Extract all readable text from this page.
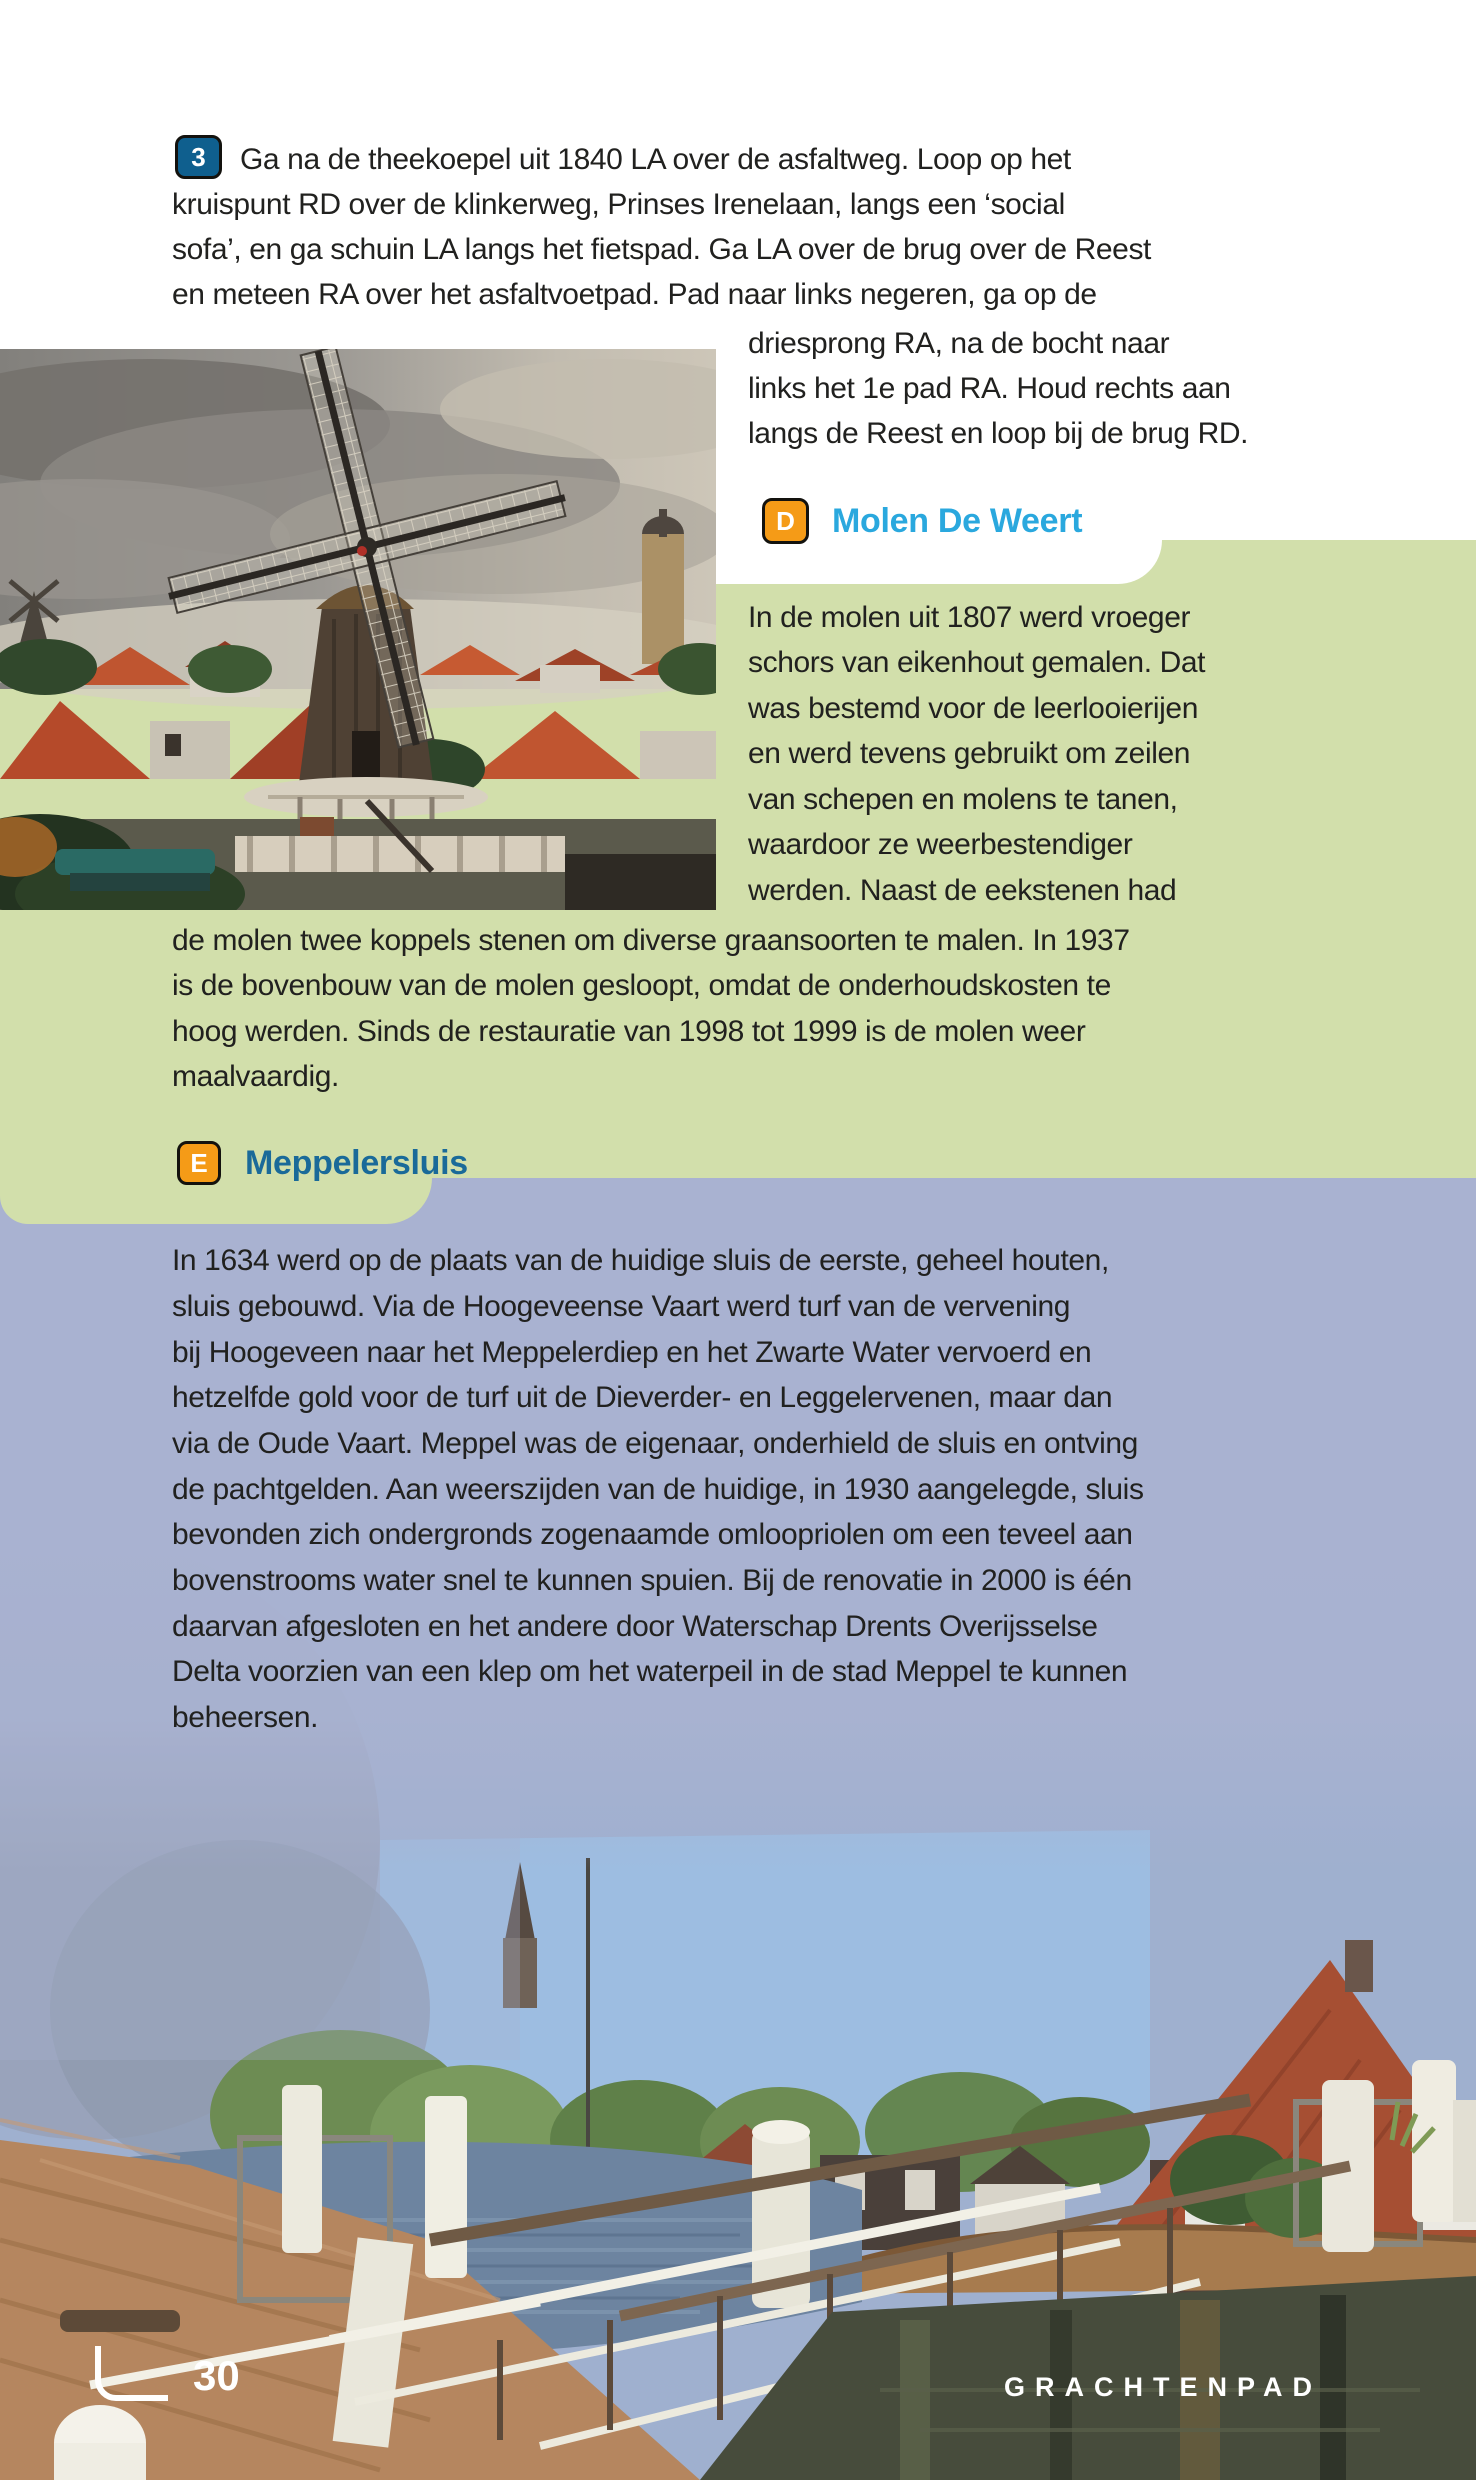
3 Ga na de theekoepel uit 1840 LA over de asfaltweg. Loop op het
kruispunt RD over de klinkerweg, Prinses Irenelaan, langs een ‘social
sofa’, en ga schuin LA langs het fietspad. Ga LA over de brug over de Reest
en meteen RA over het asfaltvoetpad. Pad naar links negeren, ga op de
driesprong RA, na de bocht naar
links het 1e pad RA. Houd rechts aan
langs de Reest en loop bij de brug RD.
D Molen De Weert
In de molen uit 1807 werd vroeger
schors van eikenhout gemalen. Dat
was bestemd voor de leerlooierijen
en werd tevens gebruikt om zeilen
van schepen en molens te tanen,
waardoor ze weerbestendiger
werden. Naast de eekstenen had
de molen twee koppels stenen om diverse graansoorten te malen. In 1937
is de bovenbouw van de molen gesloopt, omdat de onderhoudskosten te
hoog werden. Sinds de restauratie van 1998 tot 1999 is de molen weer
maalvaardig.
E Meppelersluis
In 1634 werd op de plaats van de huidige sluis de eerste, geheel houten,
sluis gebouwd. Via de Hoogeveense Vaart werd turf van de vervening
bij Hoogeveen naar het Meppelerdiep en het Zwarte Water vervoerd en
hetzelfde gold voor de turf uit de Dieverder- en Leggelervenen, maar dan
via de Oude Vaart. Meppel was de eigenaar, onderhield de sluis en ontving
de pachtgelden. Aan weerszijden van de huidige, in 1930 aangelegde, sluis
bevonden zich ondergronds zogenaamde omloopriolen om een teveel aan
bovenstrooms water snel te kunnen spuien. Bij de renovatie in 2000 is één
daarvan afgesloten en het andere door Waterschap Drents Overijsselse
Delta voorzien van een klep om het waterpeil in de stad Meppel te kunnen
beheersen.
30	GRACHTENPAD
